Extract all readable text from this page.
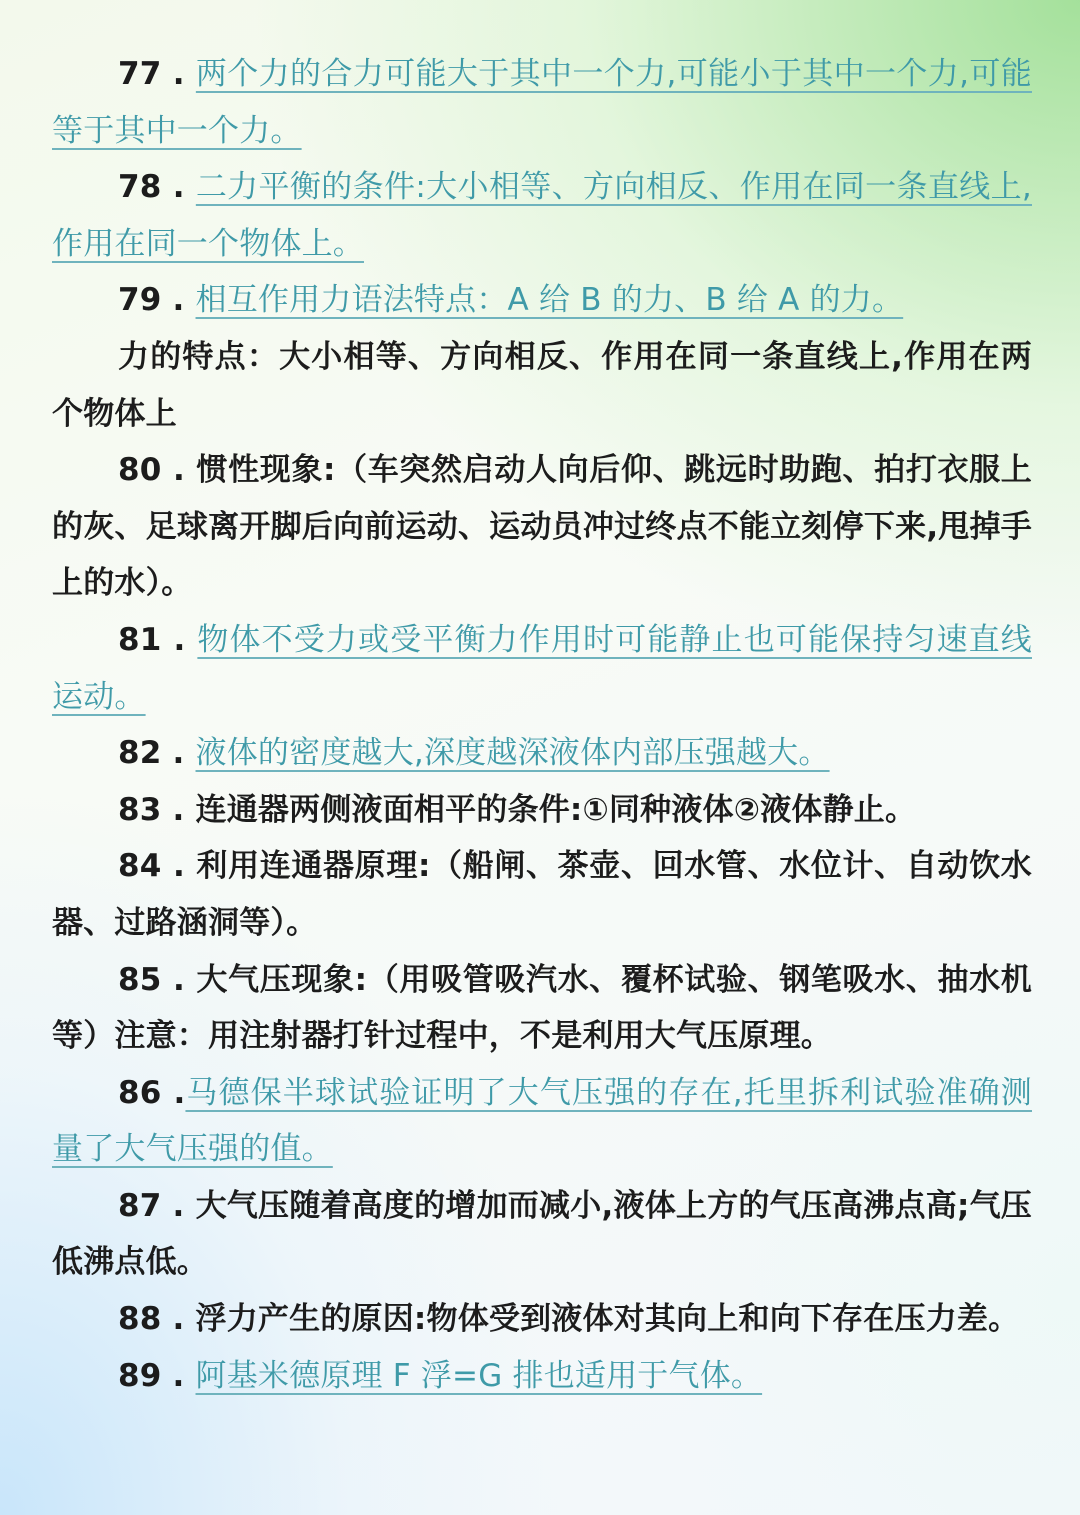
77 . 两个力的合力可能大于其中一个力,可能小于其中一个力,可能等于其中一个力。

78 . 二力平衡的条件:大小相等、方向相反、作用在同一条直线上,作用在同一个物体上。

79 . 相互作用力语法特点：A 给 B 的力、B 给 A 的力。

力的特点：大小相等、方向相反、作用在同一条直线上,作用在两个物体上

80 . 惯性现象:（车突然启动人向后仰、跳远时助跑、拍打衣服上的灰、足球离开脚后向前运动、运动员冲过终点不能立刻停下来,甩掉手上的水）。

81 . 物体不受力或受平衡力作用时可能静止也可能保持匀速直线运动。

82 . 液体的密度越大,深度越深液体内部压强越大。

83 . 连通器两侧液面相平的条件:①同种液体②液体静止。

84 . 利用连通器原理:（船闸、茶壶、回水管、水位计、自动饮水器、过路涵洞等）。

85 . 大气压现象:（用吸管吸汽水、覆杯试验、钢笔吸水、抽水机等）注意：用注射器打针过程中，不是利用大气压原理。

86 .马德保半球试验证明了大气压强的存在,托里拆利试验准确测量了大气压强的值。

87 . 大气压随着高度的增加而减小,液体上方的气压高沸点高;气压低沸点低。

88 . 浮力产生的原因:物体受到液体对其向上和向下存在压力差。

89 . 阿基米德原理 F 浮=G 排也适用于气体。
